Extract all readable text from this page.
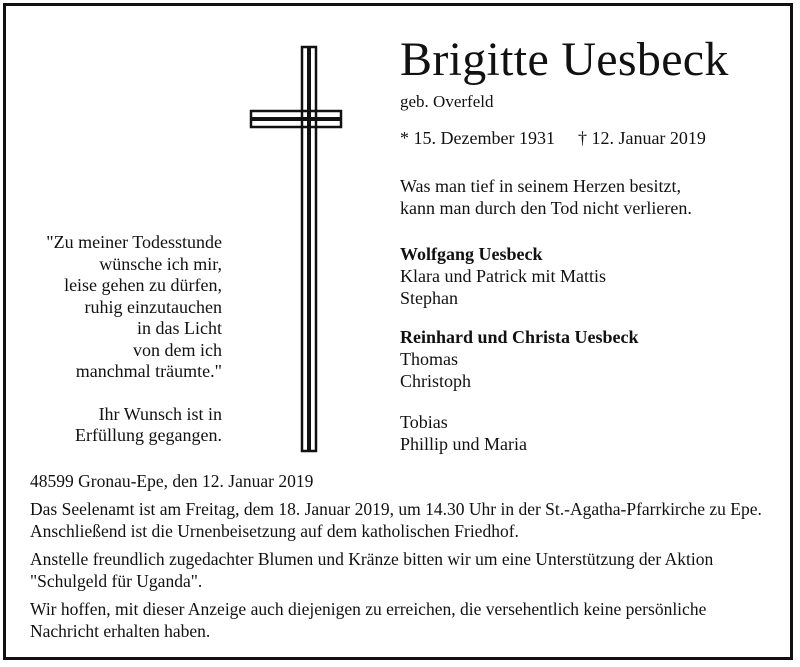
Brigitte Uesbeck
geb. Overfeld
* 15. Dezember 1931 † 12. Januar 2019
Was man tief in seinem Herzen besitzt,
kann man durch den Tod nicht verlieren.
Wolfgang Uesbeck
Klara und Patrick mit Mattis
Stephan
Reinhard und Christa Uesbeck
Thomas
Christoph
Tobias
Phillip und Maria
"Zu meiner Todesstunde
wünsche ich mir,
leise gehen zu dürfen,
ruhig einzutauchen
in das Licht
von dem ich
manchmal träumte."
Ihr Wunsch ist in
Erfüllung gegangen.

48599 Gronau-Epe, den 12. Januar 2019

Das Seelenamt ist am Freitag, dem 18. Januar 2019, um 14.30 Uhr in der St.-Agatha-Pfarrkirche zu Epe. Anschließend ist die Urnenbeisetzung auf dem katholischen Friedhof.

Anstelle freundlich zugedachter Blumen und Kränze bitten wir um eine Unterstützung der Aktion "Schulgeld für Uganda".

Wir hoffen, mit dieser Anzeige auch diejenigen zu erreichen, die versehentlich keine persönliche Nachricht erhalten haben.
